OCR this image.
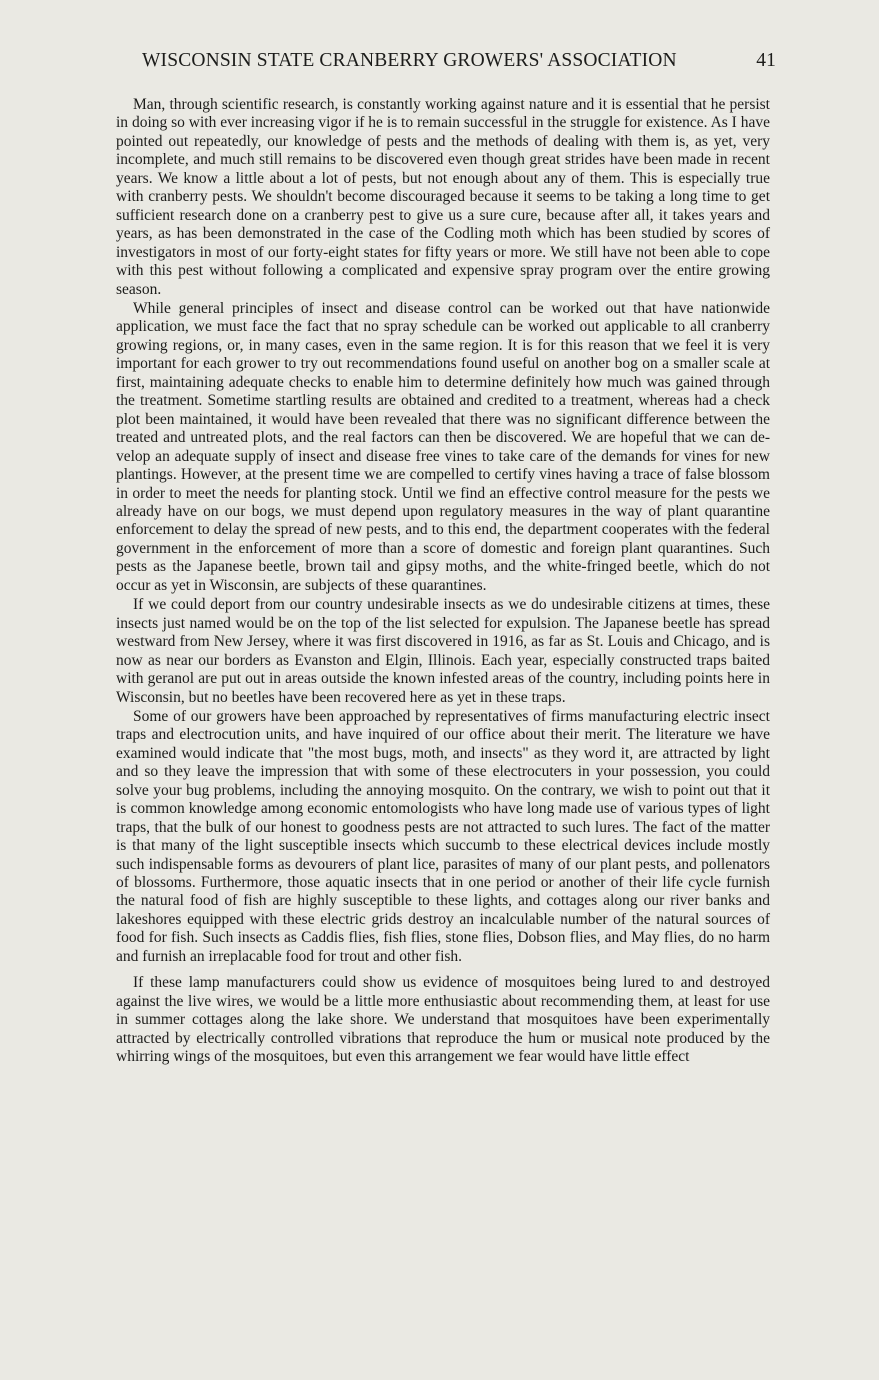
WISCONSIN STATE CRANBERRY GROWERS' ASSOCIATION	41

Man, through scientific research, is constantly working against nature and it is essential that he persist in doing so with ever increasing vigor if he is to remain successful in the struggle for existence. As I have pointed out repeatedly, our knowledge of pests and the methods of dealing with them is, as yet, very incomplete, and much still remains to be discovered even though great strides have been made in recent years. We know a little about a lot of pests, but not enough about any of them. This is especially true with cranberry pests. We shouldn't become discouraged because it seems to be taking a long time to get sufficient research done on a cranberry pest to give us a sure cure, because after all, it takes years and years, as has been demonstrated in the case of the Codling moth which has been studied by scores of investigators in most of our forty-eight states for fifty years or more. We still have not been able to cope with this pest without following a complicated and expensive spray program over the entire growing season.

While general principles of insect and disease control can be worked out that have nationwide application, we must face the fact that no spray schedule can be worked out applicable to all cranberry growing regions, or, in many cases, even in the same region. It is for this reason that we feel it is very important for each grower to try out recommendations found useful on another bog on a smaller scale at first, maintaining adequate checks to enable him to determine definitely how much was gained through the treatment. Sometime startling results are obtained and credited to a treatment, whereas had a check plot been maintained, it would have been revealed that there was no significant difference between the treated and untreated plots, and the real factors can then be discovered. We are hopeful that we can develop an adequate supply of insect and disease free vines to take care of the demands for vines for new plantings. However, at the present time we are compelled to certify vines having a trace of false blossom in order to meet the needs for planting stock. Until we find an effective control measure for the pests we already have on our bogs, we must depend upon regulatory measures in the way of plant quarantine enforcement to delay the spread of new pests, and to this end, the department cooperates with the federal government in the enforcement of more than a score of domestic and foreign plant quarantines. Such pests as the Japanese beetle, brown tail and gipsy moths, and the white-fringed beetle, which do not occur as yet in Wisconsin, are subjects of these quarantines.

If we could deport from our country undesirable insects as we do undesirable citizens at times, these insects just named would be on the top of the list selected for expulsion. The Japanese beetle has spread westward from New Jersey, where it was first discovered in 1916, as far as St. Louis and Chicago, and is now as near our borders as Evanston and Elgin, Illinois. Each year, especially constructed traps baited with geranol are put out in areas outside the known infested areas of the country, including points here in Wisconsin, but no beetles have been recovered here as yet in these traps.

Some of our growers have been approached by representatives of firms manufacturing electric insect traps and electrocution units, and have inquired of our office about their merit. The literature we have examined would indicate that "the most bugs, moth, and insects" as they word it, are attracted by light and so they leave the impression that with some of these electrocuters in your possession, you could solve your bug problems, including the annoying mosquito. On the contrary, we wish to point out that it is common knowledge among economic entomologists who have long made use of various types of light traps, that the bulk of our honest to goodness pests are not attracted to such lures. The fact of the matter is that many of the light susceptible insects which succumb to these electrical devices include mostly such indispensable forms as devourers of plant lice, parasites of many of our plant pests, and pollenators of blossoms. Furthermore, those aquatic insects that in one period or another of their life cycle furnish the natural food of fish are highly susceptible to these lights, and cottages along our river banks and lakeshores equipped with these electric grids destroy an incalculable number of the natural sources of food for fish. Such insects as Caddis flies, fish flies, stone flies, Dobson flies, and May flies, do no harm and furnish an irreplacable food for trout and other fish.

If these lamp manufacturers could show us evidence of mosquitoes being lured to and destroyed against the live wires, we would be a little more enthusiastic about recommending them, at least for use in summer cottages along the lake shore. We understand that mosquitoes have been experimentally attracted by electrically controlled vibrations that reproduce the hum or musical note produced by the whirring wings of the mosquitoes, but even this arrangement we fear would have little effect
